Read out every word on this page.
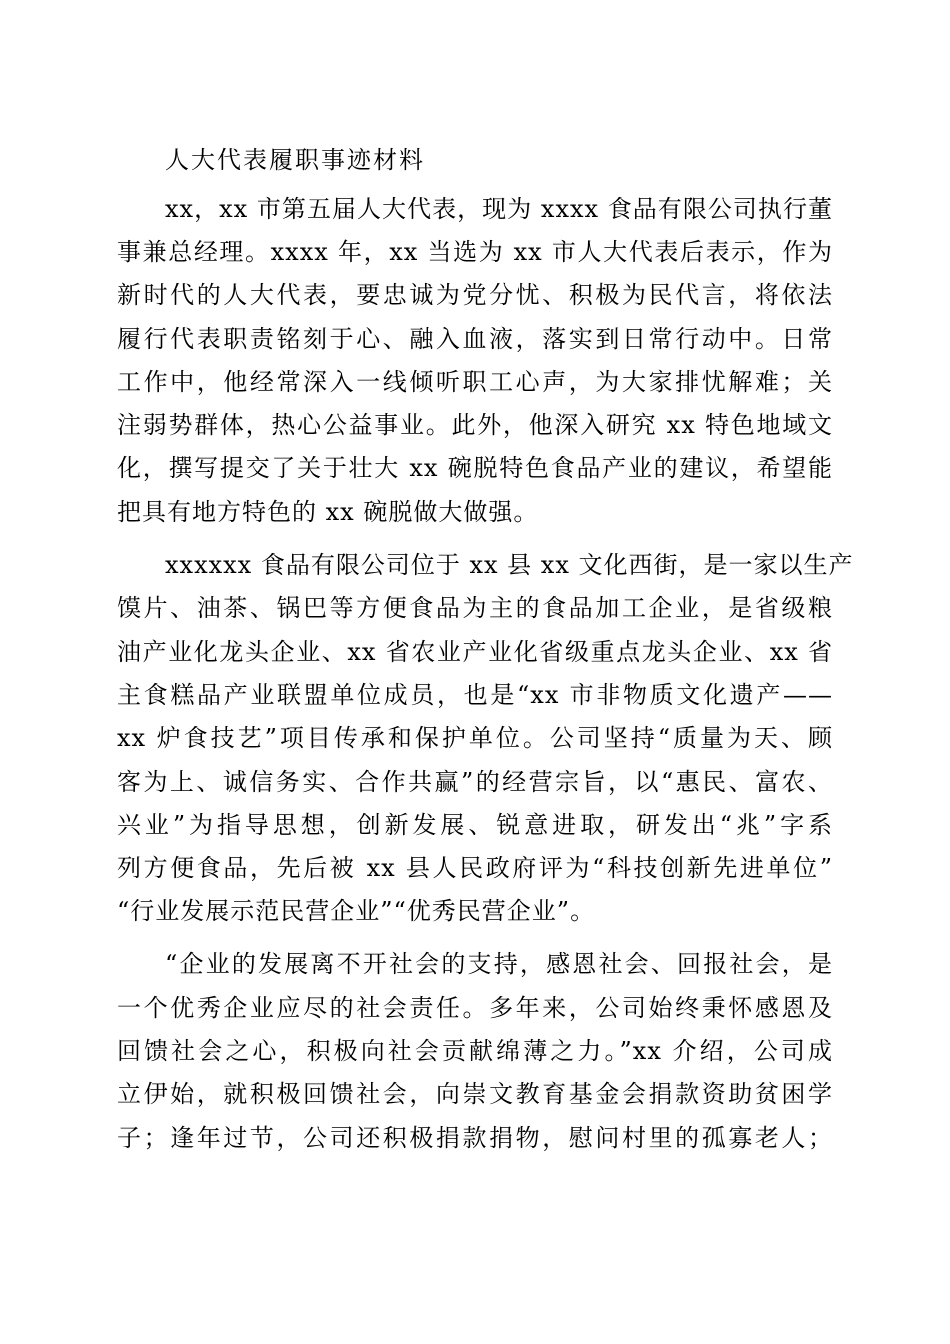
人大代表履职事迹材料
xx，xx 市第五届人大代表，现为 xxxx 食品有限公司执行董
事兼总经理。xxxx 年，xx 当选为 xx 市人大代表后表示，作为
新时代的人大代表，要忠诚为党分忧、积极为民代言，将依法
履行代表职责铭刻于心、融入血液，落实到日常行动中。日常
工作中，他经常深入一线倾听职工心声，为大家排忧解难；关
注弱势群体，热心公益事业。此外，他深入研究 xx 特色地域文
化，撰写提交了关于壮大 xx 碗脱特色食品产业的建议，希望能
把具有地方特色的 xx 碗脱做大做强。
xxxxxx 食品有限公司位于 xx 县 xx 文化西街，是一家以生产
馍片、油茶、锅巴等方便食品为主的食品加工企业，是省级粮
油产业化龙头企业、xx 省农业产业化省级重点龙头企业、xx 省
主食糕品产业联盟单位成员，也是“xx 市非物质文化遗产——
xx 炉食技艺”项目传承和保护单位。公司坚持“质量为天、顾
客为上、诚信务实、合作共赢”的经营宗旨，以“惠民、富农、
兴业”为指导思想，创新发展、锐意进取，研发出“兆”字系
列方便食品，先后被 xx 县人民政府评为“科技创新先进单位”
“行业发展示范民营企业”“优秀民营企业”。
“企业的发展离不开社会的支持，感恩社会、回报社会，是
一个优秀企业应尽的社会责任。多年来，公司始终秉怀感恩及
回馈社会之心，积极向社会贡献绵薄之力。”xx 介绍，公司成
立伊始，就积极回馈社会，向崇文教育基金会捐款资助贫困学
子；逢年过节，公司还积极捐款捐物，慰问村里的孤寡老人；
